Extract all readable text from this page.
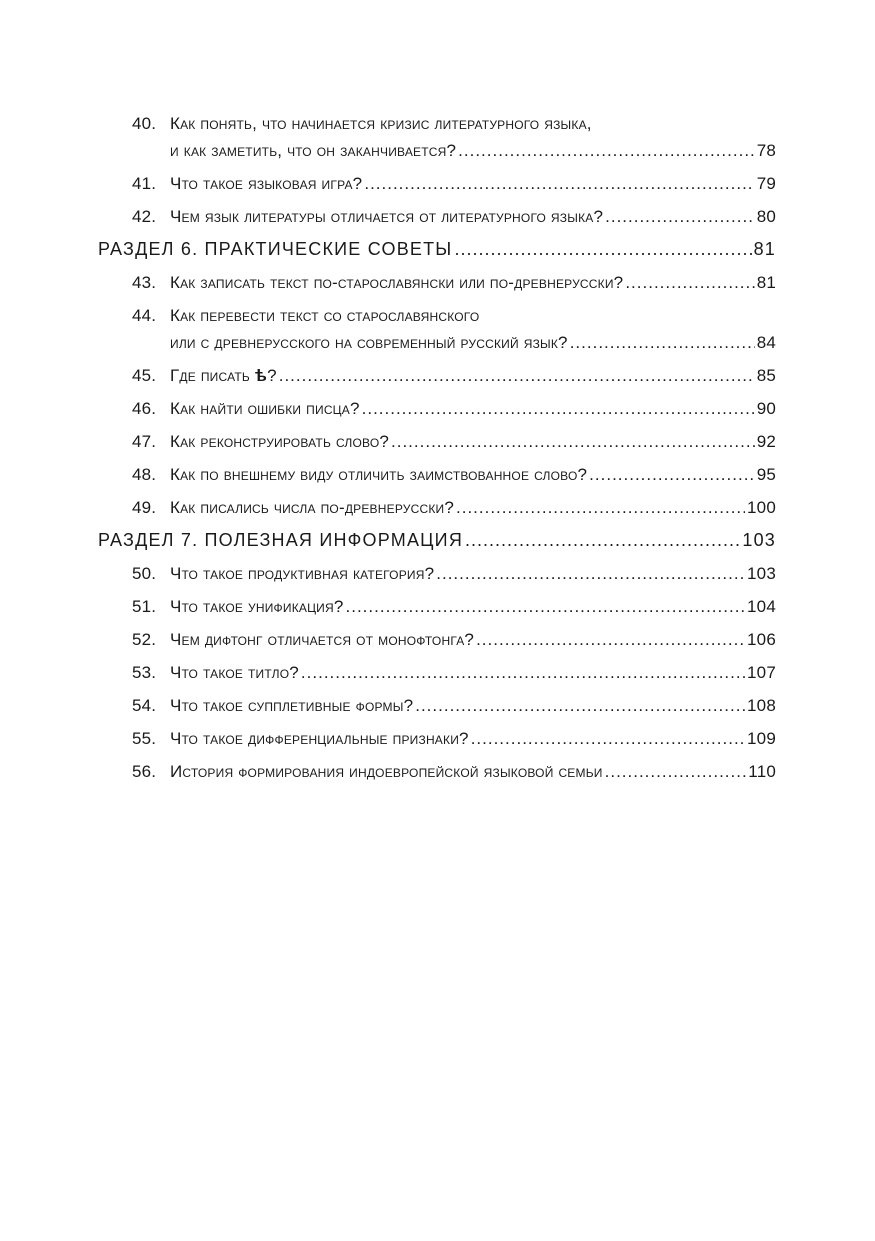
40. Как понять, что начинается кризис литературного языка,
и как заметить, что он заканчивается? .....	78
41. Что такое языковая игра? .....	79
42. Чем язык литературы отличается от литературного языка? .....	80
РАЗДЕЛ 6. ПРАКТИЧЕСКИЕ СОВЕТЫ .....	81
43. Как записать текст по-старославянски или по-древнерусски? .....	81
44. Как перевести текст со старославянского
или с древнерусского на современный русский язык? .....	84
45. Где писать ѣ? .....	85
46. Как найти ошибки писца? .....	90
47. Как реконструировать слово? .....	92
48. Как по внешнему виду отличить заимствованное слово? .....	95
49. Как писались числа по-древнерусски? .....	100
РАЗДЕЛ 7. ПОЛЕЗНАЯ ИНФОРМАЦИЯ .....	103
50. Что такое продуктивная категория? .....	103
51. Что такое унификация? .....	104
52. Чем дифтонг отличается от монофтонга? .....	106
53. Что такое титло? .....	107
54. Что такое супплетивные формы? .....	108
55. Что такое дифференциальные признаки? .....	109
56. История формирования индоевропейской языковой семьи .....	110
